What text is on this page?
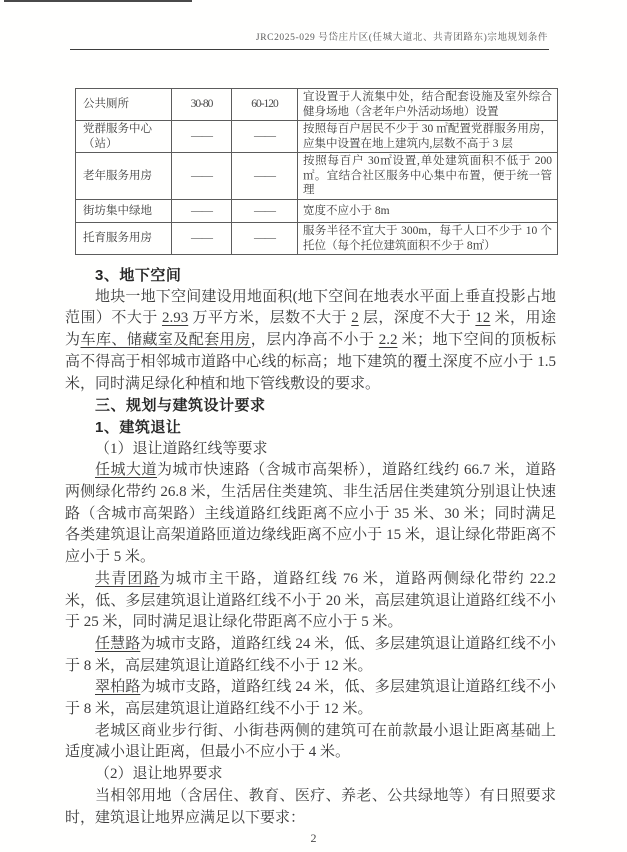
JRC2025-029 号岱庄片区(任城大道北、共青团路东)宗地规划条件
公共厕所	30-80	60-120	宜设置于人流集中处，结合配套设施及室外综合健身场地（含老年户外活动场地）设置
党群服务中心（站）	——	——	按照每百户居民不少于 30 ㎡配置党群服务用房，应集中设置在地上建筑内,层数不高于 3 层
老年服务用房	——	——	按照每百户 30㎡设置,单处建筑面积不低于 200㎡。宜结合社区服务中心集中布置，便于统一管理
街坊集中绿地	——	——	宽度不应小于 8m
托育服务用房	——	——	服务半径不宜大于 300m，每千人口不少于 10 个托位（每个托位建筑面积不少于 8㎡）

3、地下空间

地块一地下空间建设用地面积(地下空间在地表水平面上垂直投影占地范围）不大于 2.93 万平方米，层数不大于 2 层，深度不大于 12 米，用途为车库、储藏室及配套用房，层内净高不小于 2.2 米；地下空间的顶板标高不得高于相邻城市道路中心线的标高；地下建筑的覆土深度不应小于 1.5 米，同时满足绿化种植和地下管线敷设的要求。

三、规划与建筑设计要求

1、建筑退让

（1）退让道路红线等要求

任城大道为城市快速路（含城市高架桥），道路红线约 66.7 米，道路两侧绿化带约 26.8 米，生活居住类建筑、非生活居住类建筑分别退让快速路（含城市高架路）主线道路红线距离不应小于 35 米、30 米；同时满足各类建筑退让高架道路匝道边缘线距离不应小于 15 米，退让绿化带距离不应小于 5 米。

共青团路为城市主干路，道路红线 76 米，道路两侧绿化带约 22.2 米，低、多层建筑退让道路红线不小于 20 米，高层建筑退让道路红线不小于 25 米，同时满足退让绿化带距离不应小于 5 米。

任慧路为城市支路，道路红线 24 米，低、多层建筑退让道路红线不小于 8 米，高层建筑退让道路红线不小于 12 米。

翠柏路为城市支路，道路红线 24 米，低、多层建筑退让道路红线不小于 8 米，高层建筑退让道路红线不小于 12 米。

老城区商业步行街、小街巷两侧的建筑可在前款最小退让距离基础上适度减小退让距离，但最小不应小于 4 米。

（2）退让地界要求

当相邻用地（含居住、教育、医疗、养老、公共绿地等）有日照要求时，建筑退让地界应满足以下要求：

2
